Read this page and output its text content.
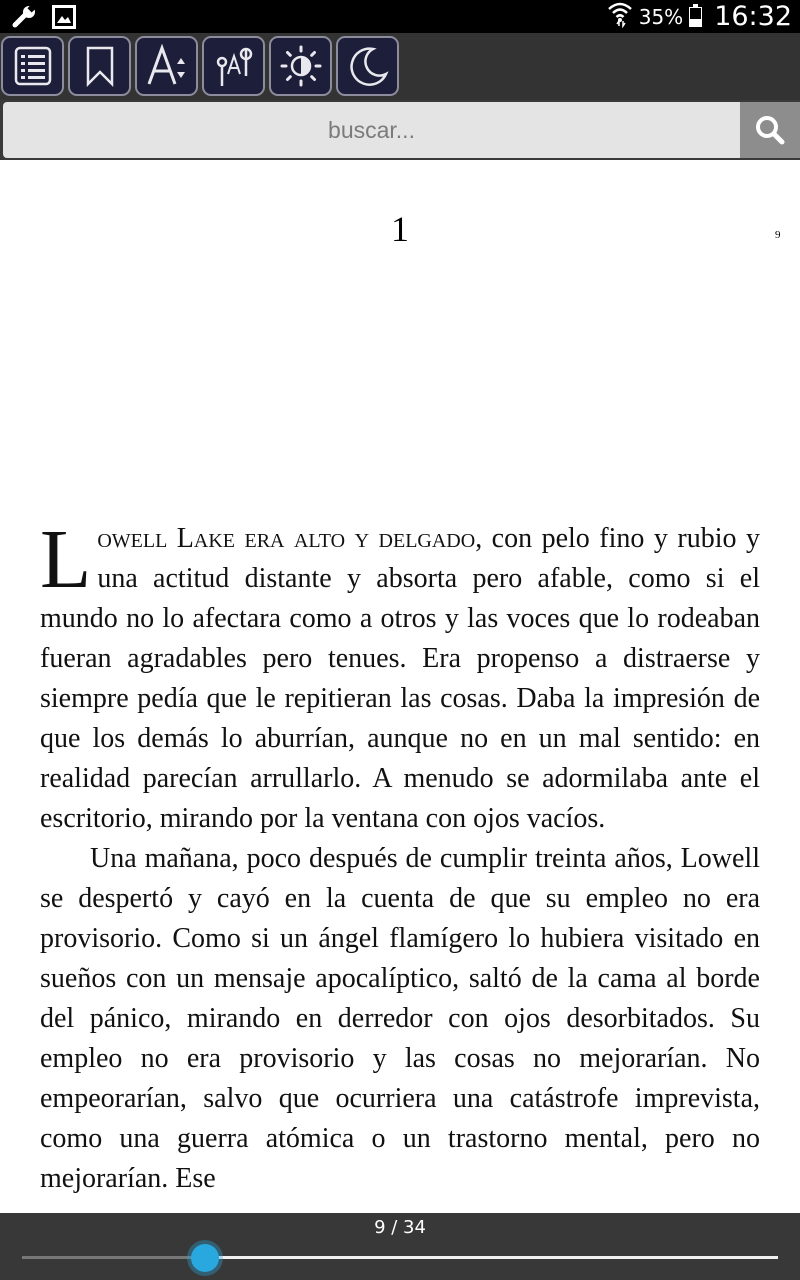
35% 16:32
buscar...
1	9

Lowell Lake era alto y delgado, con pelo fino y rubio y una actitud distante y absorta pero afable, como si el mundo no lo afectara como a otros y las voces que lo rodeaban fueran agradables pero tenues. Era propenso a distraerse y siempre pedía que le repitieran las cosas. Daba la impresión de que los demás lo aburrían, aunque no en un mal sentido: en realidad parecían arrullarlo. A menudo se adormilaba ante el escritorio, mirando por la ventana con ojos vacíos.

Una mañana, poco después de cumplir treinta años, Lowell se despertó y cayó en la cuenta de que su empleo no era provisorio. Como si un ángel flamígero lo hubiera visitado en sueños con un mensaje apocalíptico, saltó de la cama al borde del pánico, mirando en derredor con ojos desorbitados. Su empleo no era provisorio y las cosas no mejorarían. No empeorarían, salvo que ocurriera una catástrofe imprevista, como una guerra atómica o un trastorno mental, pero no mejorarían. Ese

9 / 34
